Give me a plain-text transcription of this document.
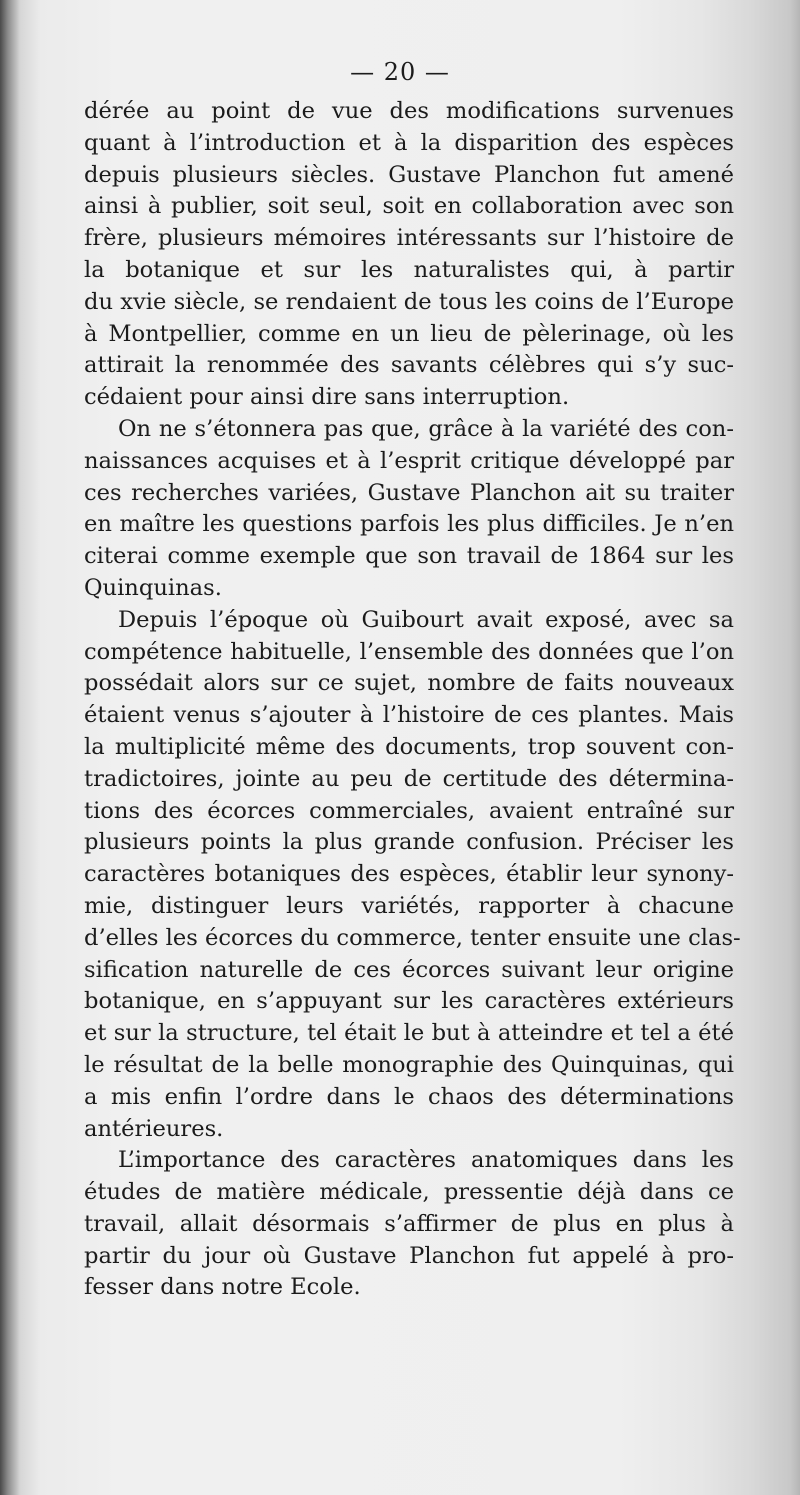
— 20 —
dérée au point de vue des modifications survenues
quant à l’introduction et à la disparition des espèces
depuis plusieurs siècles. Gustave Planchon fut amené
ainsi à publier, soit seul, soit en collaboration avec son
frère, plusieurs mémoires intéressants sur l’histoire de
la botanique et sur les naturalistes qui, à partir
du xvie siècle, se rendaient de tous les coins de l’Europe
à Montpellier, comme en un lieu de pèlerinage, où les
attirait la renommée des savants célèbres qui s’y suc-
cédaient pour ainsi dire sans interruption.
On ne s’étonnera pas que, grâce à la variété des con-
naissances acquises et à l’esprit critique développé par
ces recherches variées, Gustave Planchon ait su traiter
en maître les questions parfois les plus difficiles. Je n’en
citerai comme exemple que son travail de 1864 sur les
Quinquinas.
Depuis l’époque où Guibourt avait exposé, avec sa
compétence habituelle, l’ensemble des données que l’on
possédait alors sur ce sujet, nombre de faits nouveaux
étaient venus s’ajouter à l’histoire de ces plantes. Mais
la multiplicité même des documents, trop souvent con-
tradictoires, jointe au peu de certitude des détermina-
tions des écorces commerciales, avaient entraîné sur
plusieurs points la plus grande confusion. Préciser les
caractères botaniques des espèces, établir leur synony-
mie, distinguer leurs variétés, rapporter à chacune
d’elles les écorces du commerce, tenter ensuite une clas-
sification naturelle de ces écorces suivant leur origine
botanique, en s’appuyant sur les caractères extérieurs
et sur la structure, tel était le but à atteindre et tel a été
le résultat de la belle monographie des Quinquinas, qui
a mis enfin l’ordre dans le chaos des déterminations
antérieures.
L’importance des caractères anatomiques dans les
études de matière médicale, pressentie déjà dans ce
travail, allait désormais s’affirmer de plus en plus à
partir du jour où Gustave Planchon fut appelé à pro-
fesser dans notre Ecole.
